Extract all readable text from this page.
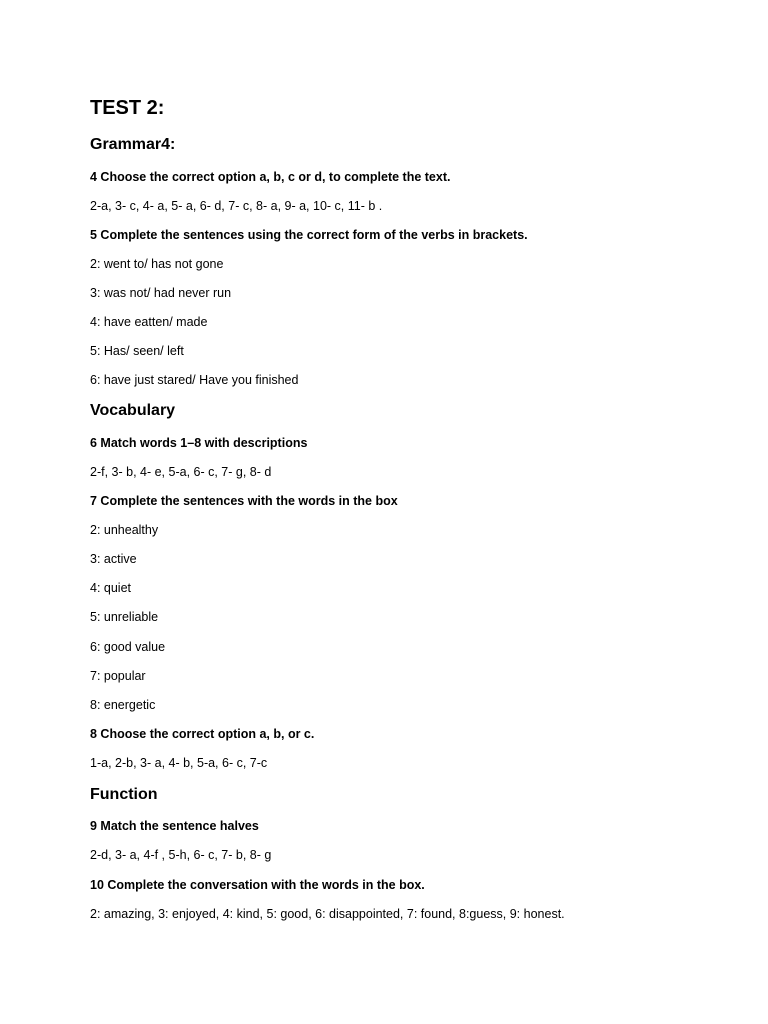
TEST 2:
Grammar4:
4 Choose the correct option a, b, c or d, to complete the text.
2-a, 3- c, 4- a, 5- a, 6- d, 7- c, 8- a, 9- a, 10- c, 11- b .
5 Complete the sentences using the correct form of the verbs in brackets.
2: went to/ has not gone
3: was not/ had never run
4: have eatten/ made
5: Has/ seen/ left
6: have just stared/ Have you finished
Vocabulary
6 Match words 1–8 with descriptions
2-f, 3- b, 4- e, 5-a, 6- c, 7- g, 8- d
7 Complete the sentences with the words in the box
2: unhealthy
3: active
4: quiet
5: unreliable
6: good value
7: popular
8: energetic
8 Choose the correct option a, b, or c.
1-a, 2-b, 3- a, 4- b, 5-a, 6- c, 7-c
Function
9 Match the sentence halves
2-d, 3- a, 4-f , 5-h, 6- c, 7- b, 8- g
10 Complete the conversation with the words in the box.
2: amazing, 3: enjoyed, 4: kind, 5: good, 6: disappointed, 7: found, 8:guess, 9: honest.
